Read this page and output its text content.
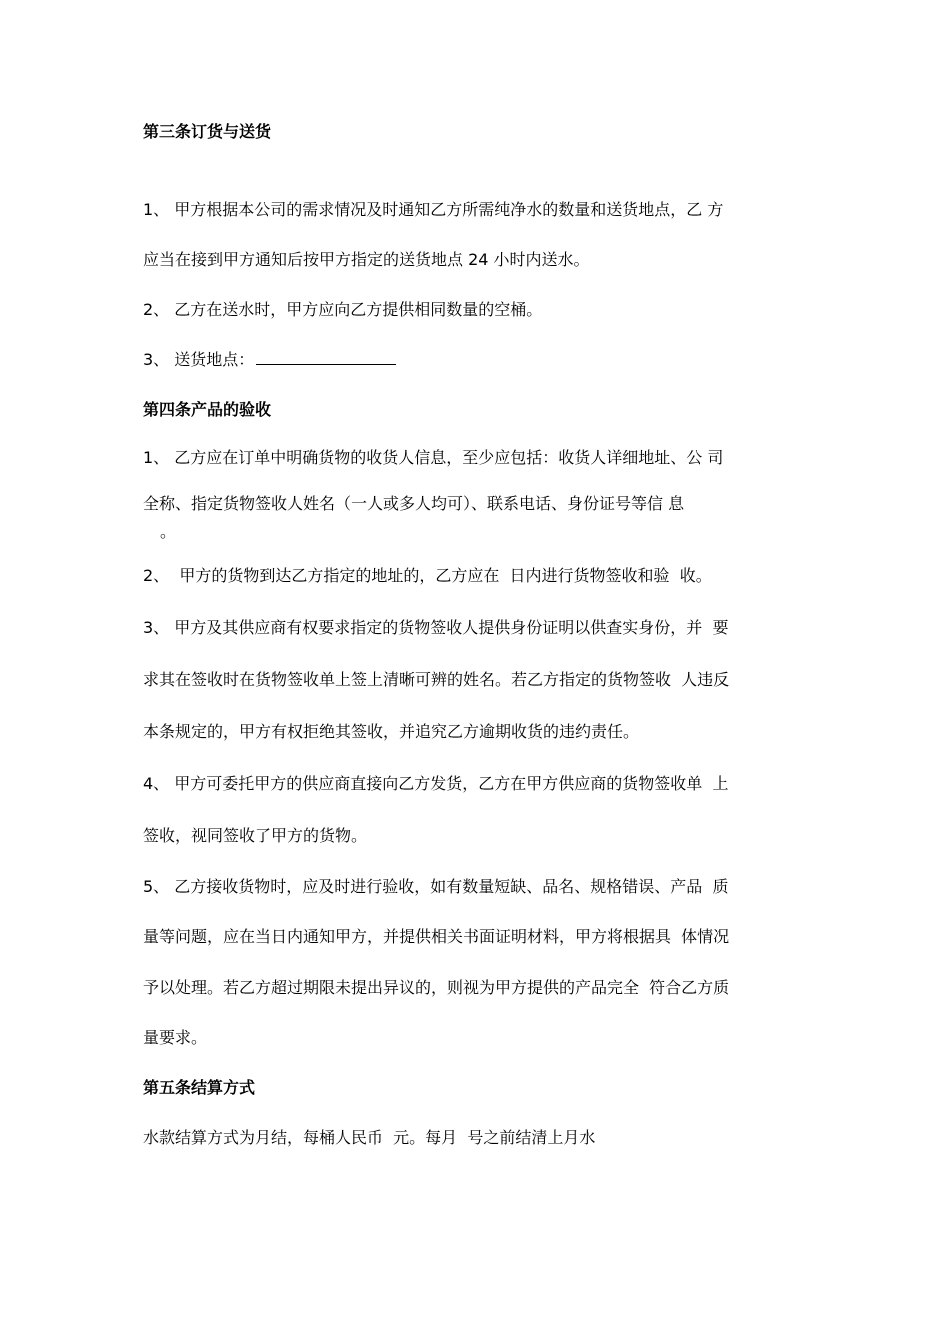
第三条订货与送货

1、 甲方根据本公司的需求情况及时通知乙方所需纯净水的数量和送货地点，乙 方

应当在接到甲方通知后按甲方指定的送货地点 24 小时内送水。

2、 乙方在送水时，甲方应向乙方提供相同数量的空桶。

3、 送货地点：

第四条产品的验收

1、 乙方应在订单中明确货物的收货人信息，至少应包括：收货人详细地址、公 司

全称、指定货物签收人姓名（一人或多人均可）、联系电话、身份证号等信 息

。

2、  甲方的货物到达乙方指定的地址的，乙方应在  日内进行货物签收和验  收。

3、 甲方及其供应商有权要求指定的货物签收人提供身份证明以供查实身份，并  要

求其在签收时在货物签收单上签上清晰可辨的姓名。若乙方指定的货物签收  人违反

本条规定的，甲方有权拒绝其签收，并追究乙方逾期收货的违约责任。

4、 甲方可委托甲方的供应商直接向乙方发货，乙方在甲方供应商的货物签收单  上

签收，视同签收了甲方的货物。

5、 乙方接收货物时，应及时进行验收，如有数量短缺、品名、规格错误、产品  质

量等问题，应在当日内通知甲方，并提供相关书面证明材料，甲方将根据具  体情况

予以处理。若乙方超过期限未提出异议的，则视为甲方提供的产品完全  符合乙方质

量要求。

第五条结算方式

水款结算方式为月结，每桶人民币  元。每月  号之前结清上月水
